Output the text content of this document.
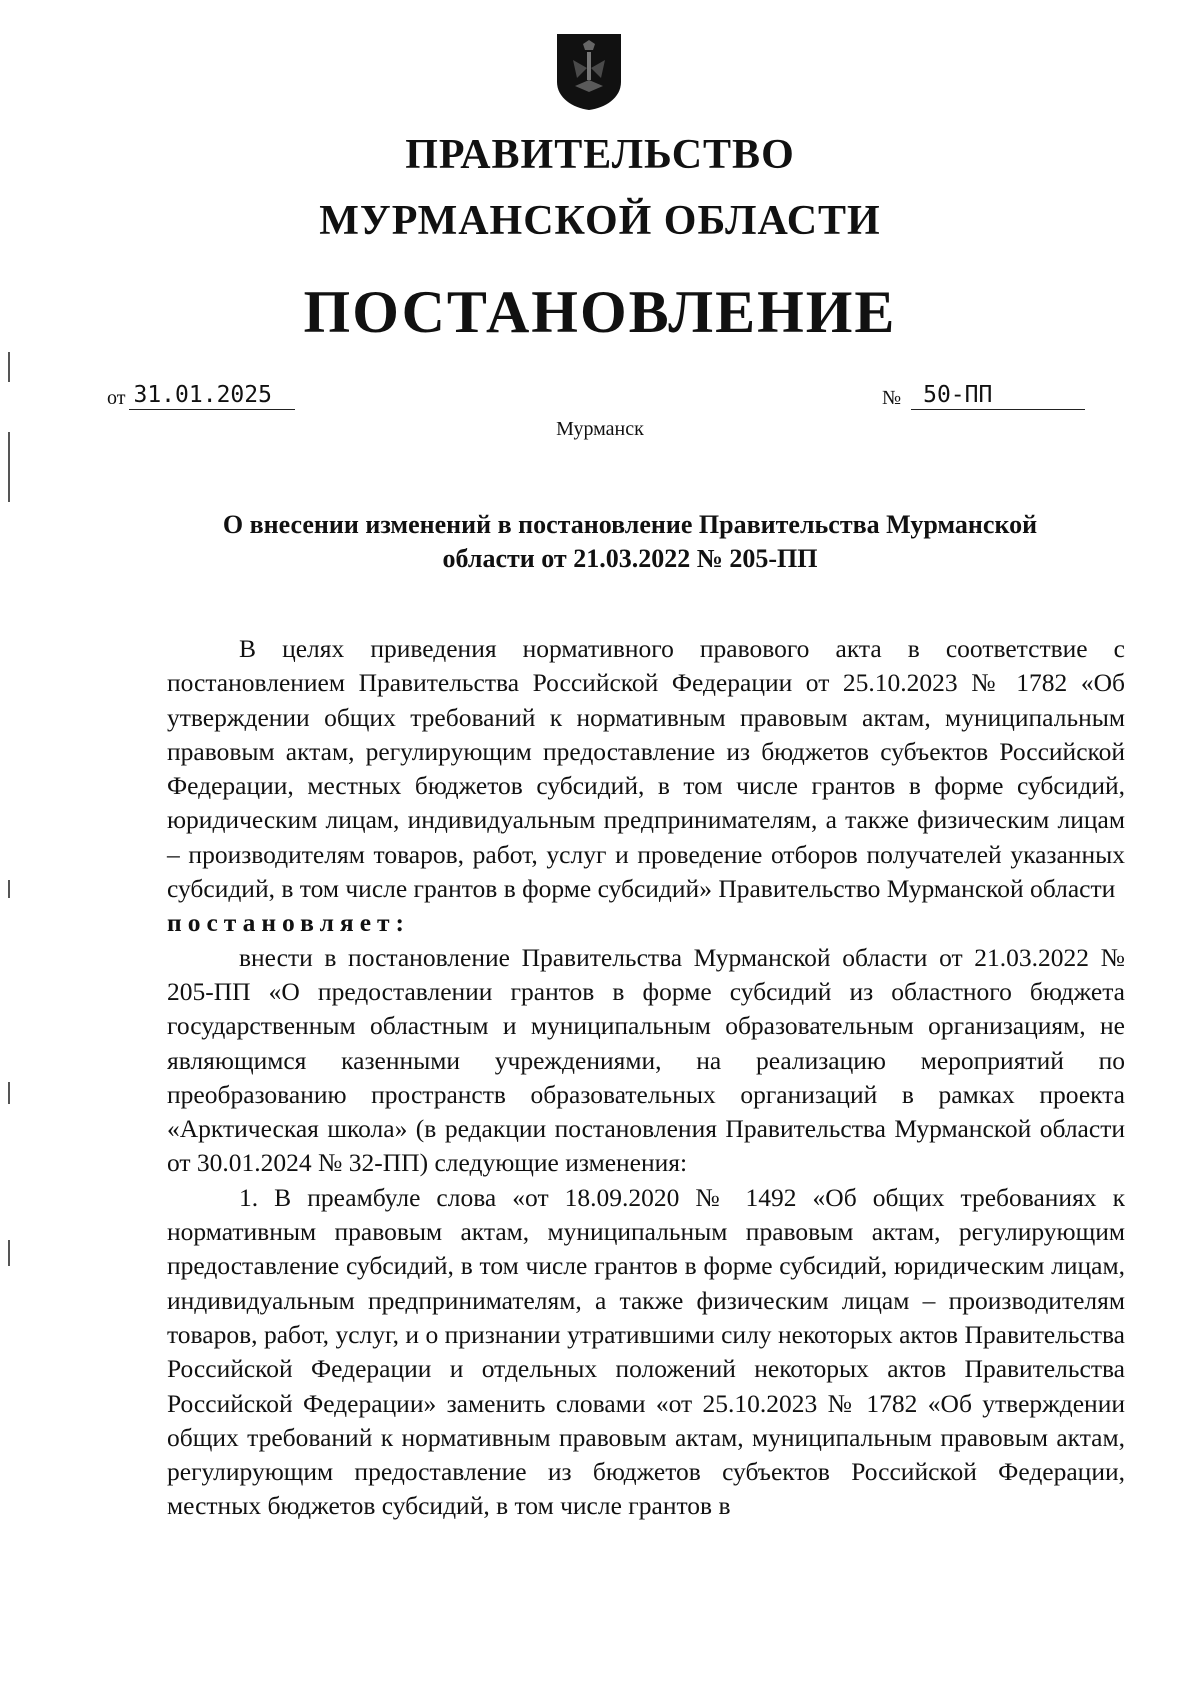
ПРАВИТЕЛЬСТВО
МУРМАНСКОЙ ОБЛАСТИ
ПОСТАНОВЛЕНИЕ
от 31.01.2025	№ 50-ПП
Мурманск
О внесении изменений в постановление Правительства Мурманской
области от 21.03.2022 № 205-ПП

В целях приведения нормативного правового акта в соответствие с постановлением Правительства Российской Федерации от 25.10.2023 № 1782 «Об утверждении общих требований к нормативным правовым актам, муниципальным правовым актам, регулирующим предоставление из бюджетов субъектов Российской Федерации, местных бюджетов субсидий, в том числе грантов в форме субсидий, юридическим лицам, индивидуальным предпринимателям, а также физическим лицам – производителям товаров, работ, услуг и проведение отборов получателей указанных субсидий, в том числе грантов в форме субсидий» Правительство Мурманской области

постановляет:

внести в постановление Правительства Мурманской области от 21.03.2022 № 205-ПП «О предоставлении грантов в форме субсидий из областного бюджета государственным областным и муниципальным образовательным организациям, не являющимся казенными учреждениями, на реализацию мероприятий по преобразованию пространств образовательных организаций в рамках проекта «Арктическая школа» (в редакции постановления Правительства Мурманской области от 30.01.2024 № 32-ПП) следующие изменения:

1. В преамбуле слова «от 18.09.2020 № 1492 «Об общих требованиях к нормативным правовым актам, муниципальным правовым актам, регулирующим предоставление субсидий, в том числе грантов в форме субсидий, юридическим лицам, индивидуальным предпринимателям, а также физическим лицам – производителям товаров, работ, услуг, и о признании утратившими силу некоторых актов Правительства Российской Федерации и отдельных положений некоторых актов Правительства Российской Федерации» заменить словами «от 25.10.2023 № 1782 «Об утверждении общих требований к нормативным правовым актам, муниципальным правовым актам, регулирующим предоставление из бюджетов субъектов Российской Федерации, местных бюджетов субсидий, в том числе грантов в
